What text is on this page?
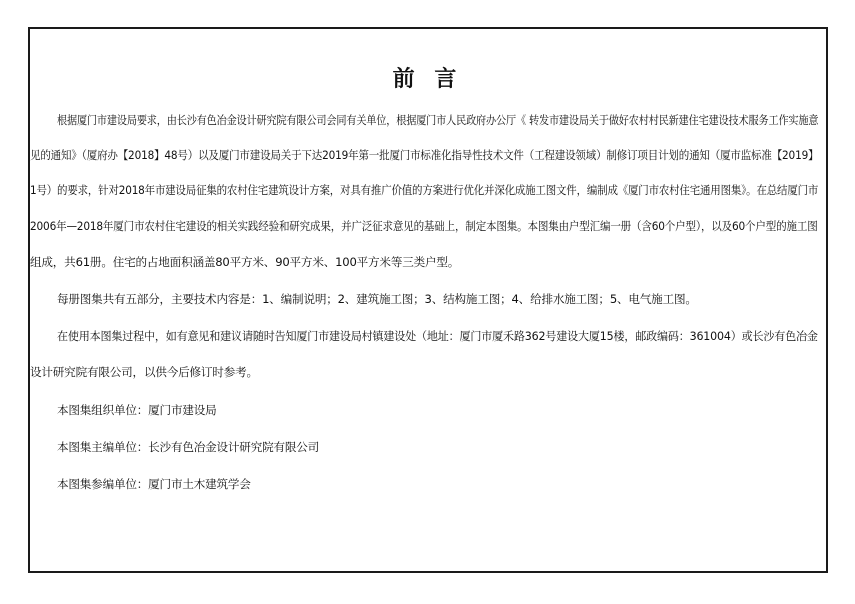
前 言

根据厦门市建设局要求，由长沙有色冶金设计研究院有限公司会同有关单位，根据厦门市人民政府办公厅《 转发市建设局关于做好农村村民新建住宅建设技术服务工作实施意

见的通知》（厦府办【2018】48号）以及厦门市建设局关于下达2019年第一批厦门市标准化指导性技术文件（工程建设领域）制修订项目计划的通知（厦市监标准【2019】

1号）的要求，针对2018年市建设局征集的农村住宅建筑设计方案，对具有推广价值的方案进行优化并深化成施工图文件，编制成《厦门市农村住宅通用图集》。在总结厦门市

2006年—2018年厦门市农村住宅建设的相关实践经验和研究成果，并广泛征求意见的基础上，制定本图集。本图集由户型汇编一册（含60个户型），以及60个户型的施工图

组成，共61册。住宅的占地面积涵盖80平方米、90平方米、100平方米等三类户型。

每册图集共有五部分，主要技术内容是：1、编制说明；2、建筑施工图；3、结构施工图；4、给排水施工图；5、电气施工图。

在使用本图集过程中，如有意见和建议请随时告知厦门市建设局村镇建设处（地址：厦门市厦禾路362号建设大厦15楼，邮政编码：361004）或长沙有色冶金

设计研究院有限公司，以供今后修订时参考。

本图集组织单位：厦门市建设局

本图集主编单位：长沙有色冶金设计研究院有限公司

本图集参编单位：厦门市土木建筑学会
